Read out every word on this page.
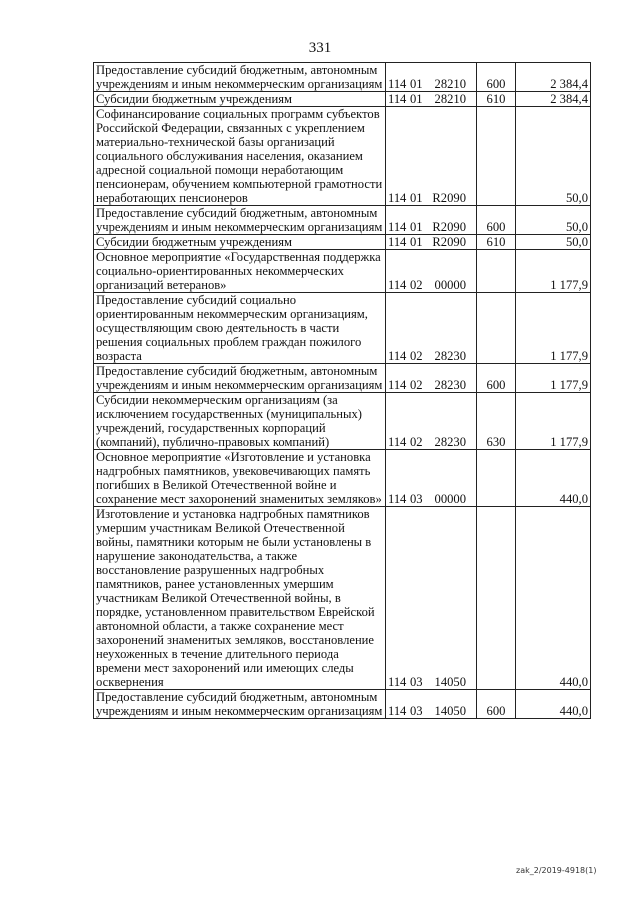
331
Предоставление субсидий бюджетным, автономным учреждениям и иным некоммерческим организациям	114 01 28210	600	2 384,4
Субсидии бюджетным учреждениям	114 01 28210	610	2 384,4
Софинансирование социальных программ субъектов Российской Федерации, связанных с укреплением материально-технической базы организаций социального обслуживания населения, оказанием адресной социальной помощи неработающим пенсионерам, обучением компьютерной грамотности неработающих пенсионеров	114 01 R2090		50,0
Предоставление субсидий бюджетным, автономным учреждениям и иным некоммерческим организациям	114 01 R2090	600	50,0
Субсидии бюджетным учреждениям	114 01 R2090	610	50,0
Основное мероприятие «Государственная поддержка социально-ориентированных некоммерческих организаций ветеранов»	114 02 00000		1 177,9
Предоставление субсидий социально ориентированным некоммерческим организациям, осуществляющим свою деятельность в части решения социальных проблем граждан пожилого возраста	114 02 28230		1 177,9
Предоставление субсидий бюджетным, автономным учреждениям и иным некоммерческим организациям	114 02 28230	600	1 177,9
Субсидии некоммерческим организациям (за исключением государственных (муниципальных) учреждений, государственных корпораций (компаний), публично-правовых компаний)	114 02 28230	630	1 177,9
Основное мероприятие «Изготовление и установка надгробных памятников, увековечивающих память погибших в Великой Отечественной войне и сохранение мест захоронений знаменитых земляков»	114 03 00000		440,0
Изготовление и установка надгробных памятников умершим участникам Великой Отечественной войны, памятники которым не были установлены в нарушение законодательства, а также восстановление разрушенных надгробных памятников, ранее установленных умершим участникам Великой Отечественной войны, в порядке, установленном правительством Еврейской автономной области, а также сохранение мест захоронений знаменитых земляков, восстановление неухоженных в течение длительного периода времени мест захоронений или имеющих следы осквернения	114 03 14050		440,0
Предоставление субсидий бюджетным, автономным учреждениям и иным некоммерческим организациям	114 03 14050	600	440,0
zak_2/2019-4918(1)
